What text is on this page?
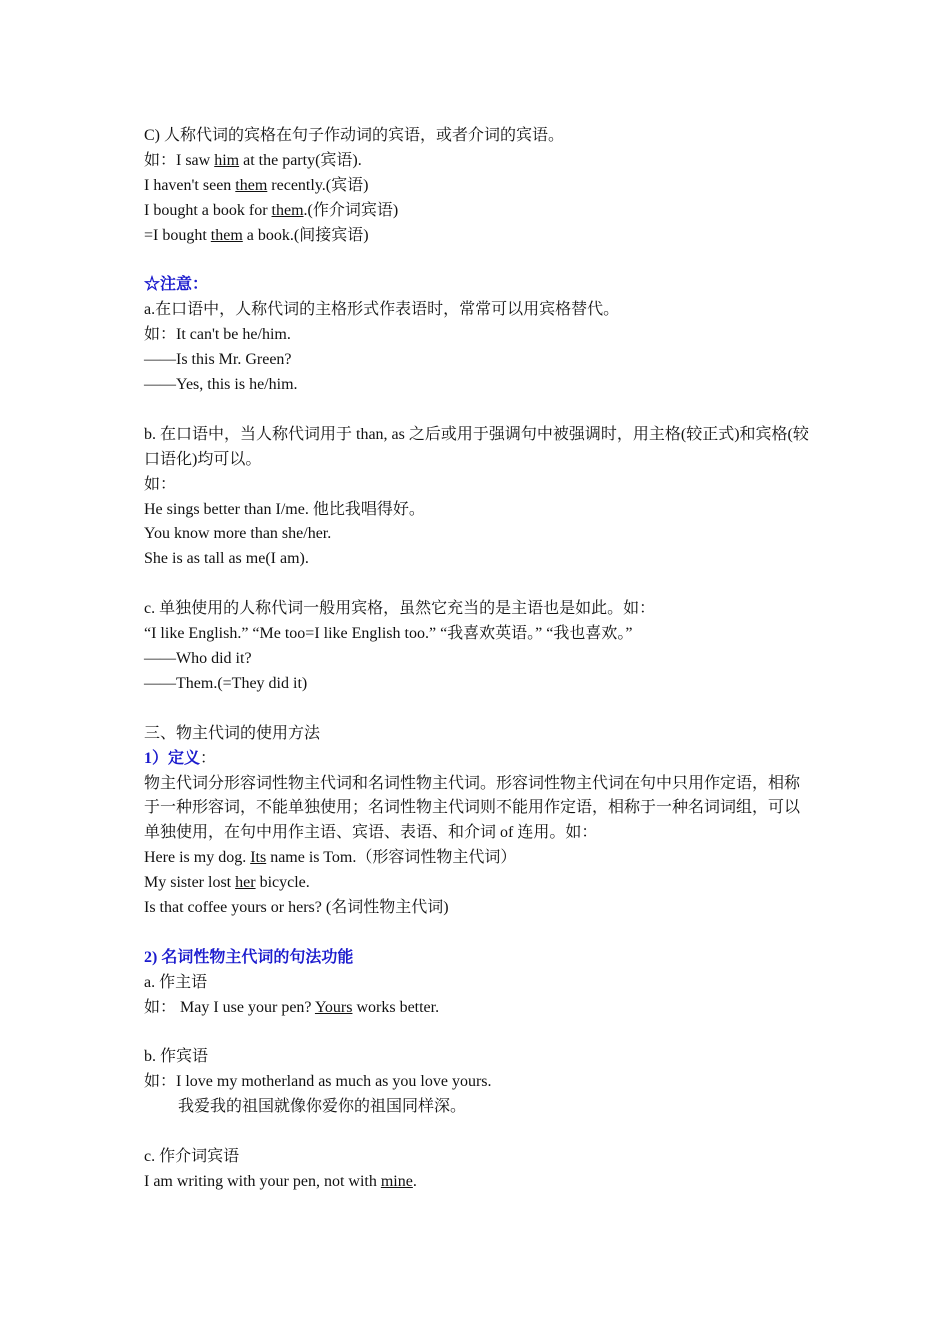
C) 人称代词的宾格在句子作动词的宾语，或者介词的宾语。
如：I saw him at the party(宾语).
I haven't seen them recently.(宾语)
I bought a book for them.(作介词宾语)
=I bought them a book.(间接宾语)
☆注意：
a.在口语中，人称代词的主格形式作表语时，常常可以用宾格替代。
如：It can't be he/him.
——Is this Mr. Green?
——Yes, this is he/him.
b. 在口语中，当人称代词用于 than, as 之后或用于强调句中被强调时，用主格(较正式)和宾格(较口语化)均可以。
如：
He sings better than I/me. 他比我唱得好。
You know more than she/her.
She is as tall as me(I am).
c. 单独使用的人称代词一般用宾格，虽然它充当的是主语也是如此。如：
“I like English.” “Me too=I like English too.” “我喜欢英语。” “我也喜欢。”
——Who did it?
——Them.(=They did it)
三、物主代词的使用方法
1）定义：
物主代词分形容词性物主代词和名词性物主代词。形容词性物主代词在句中只用作定语，相称于一种形容词，不能单独使用；名词性物主代词则不能用作定语，相称于一种名词词组，可以单独使用，在句中用作主语、宾语、表语、和介词 of 连用。如：
Here is my dog. Its name is Tom.（形容词性物主代词）
My sister lost her bicycle.
Is that coffee yours or hers? (名词性物主代词)
2) 名词性物主代词的句法功能
a. 作主语
如： May I use your pen? Yours works better.
b. 作宾语
如：I love my motherland as much as you love yours.
我爱我的祖国就像你爱你的祖国同样深。
c. 作介词宾语
I am writing with your pen, not with mine.
